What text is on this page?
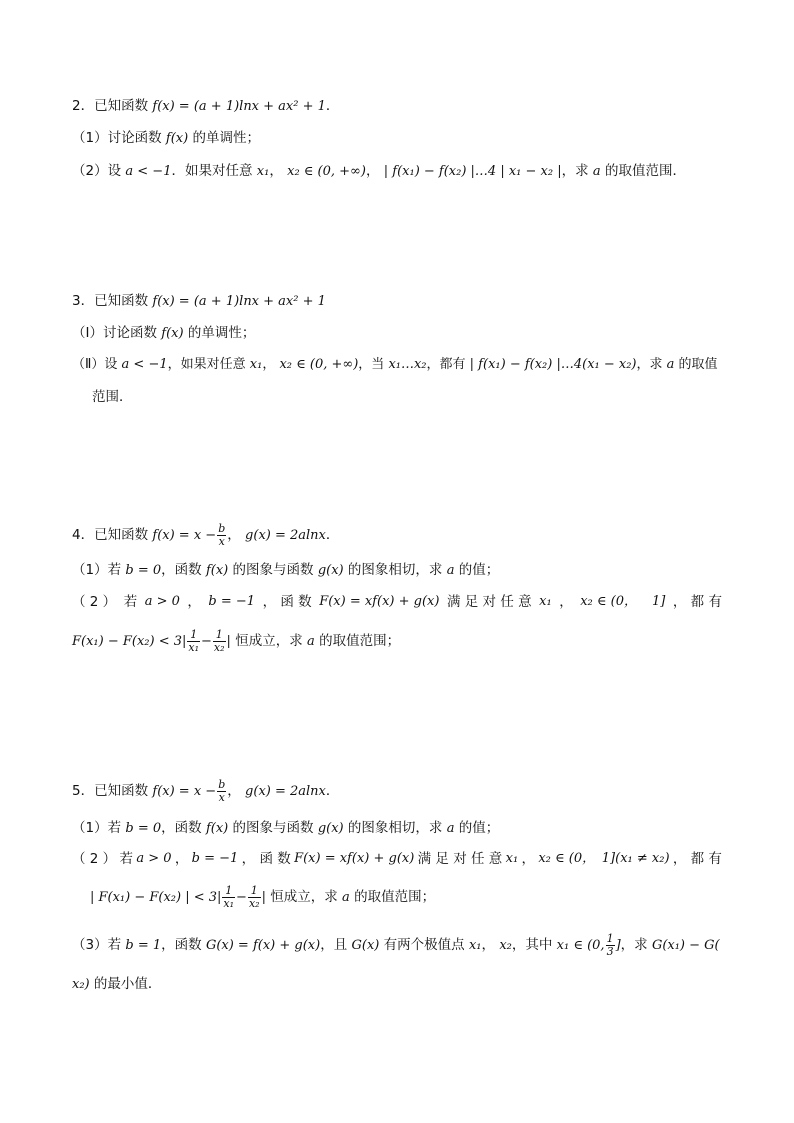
2．已知函数 f(x) = (a + 1)lnx + ax² + 1．
（1）讨论函数 f(x) 的单调性；
（2）设 a < −1．如果对任意 x₁， x₂ ∈ (0, +∞)， | f(x₁) − f(x₂) |…4 | x₁ − x₂ |，求 a 的取值范围．
3．已知函数 f(x) = (a + 1)lnx + ax² + 1
（Ⅰ）讨论函数 f(x) 的单调性；
（Ⅱ）设 a < −1，如果对任意 x₁， x₂ ∈ (0, +∞)，当 x₁…x₂，都有 | f(x₁) − f(x₂) |…4(x₁ − x₂)，求 a 的取值
范围．
4．已知函数 $f(x) = x - \frac{b}{x}$ ， g(x) = 2alnx．
（1）若 b = 0，函数 f(x) 的图象与函数 g(x) 的图象相切，求 a 的值；
（ 2 ） 若 a > 0 ， b = −1 ， 函 数 F(x) = xf(x) + g(x) 满 足 对 任 意 x₁ ， x₂ ∈ (0， 1] ， 都 有
$F(x_1) - F(x_2) < 3| \frac{1}{\text{x₁}} - \frac{1}{\text{x₂}}$ | 恒成立，求 a 的取值范围；
5．已知函数 $f(x) = x - \frac{b}{x}$ ， g(x) = 2alnx．
（1）若 b = 0，函数 f(x) 的图象与函数 g(x) 的图象相切，求 a 的值；
（ 2 ） 若 a > 0 ， b = −1 ， 函 数 F(x) = xf(x) + g(x) 满 足 对 任 意 x₁ ， x₂ ∈ (0， 1](x₁ ≠ x₂) ， 都 有
| F(x₁) − F(x₂) | < $3| \frac{1}{\text{x₁}} - \frac{1}{\text{x₂}}$ | 恒成立，求 a 的取值范围；
（3）若 b = 1，函数 G(x) = f(x) + g(x)，且 G(x) 有两个极值点 x₁， x₂，其中 x₁ ∈ (0, $\frac{1}{3}$ ]，求 G(x₁) − G(
x₂) 的最小值．
